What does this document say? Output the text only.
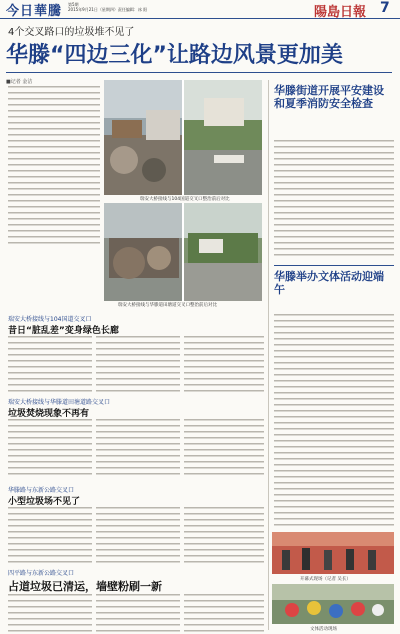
今日華騰 第5期
2015年9月21日（星期四）责任编辑：冰 阳	陽島日報 7
4个交叉路口的垃圾堆不见了
华滕“四边三化”让路边风景更加美
■记者 金洁
瑞安大桥接线与104国道交叉口整治前后对比
瑞安大桥接线与华滕道田塘道交叉口整治前后对比
瑞安大桥接线与104国道交叉口
昔日“脏乱差”变身绿色长廊
瑞安大桥接线与华滕道田塘道路交叉口
垃圾焚烧现象不再有
华滕路与东新公路交叉口
小型垃圾场不见了
四平路与东新公路交叉口
占道垃圾已清运，墙壁粉刷一新
华滕街道开展平安建设和夏季消防安全检查
华滕举办文体活动迎端午
开幕式现场（记者 吴长）
文体活动现场
